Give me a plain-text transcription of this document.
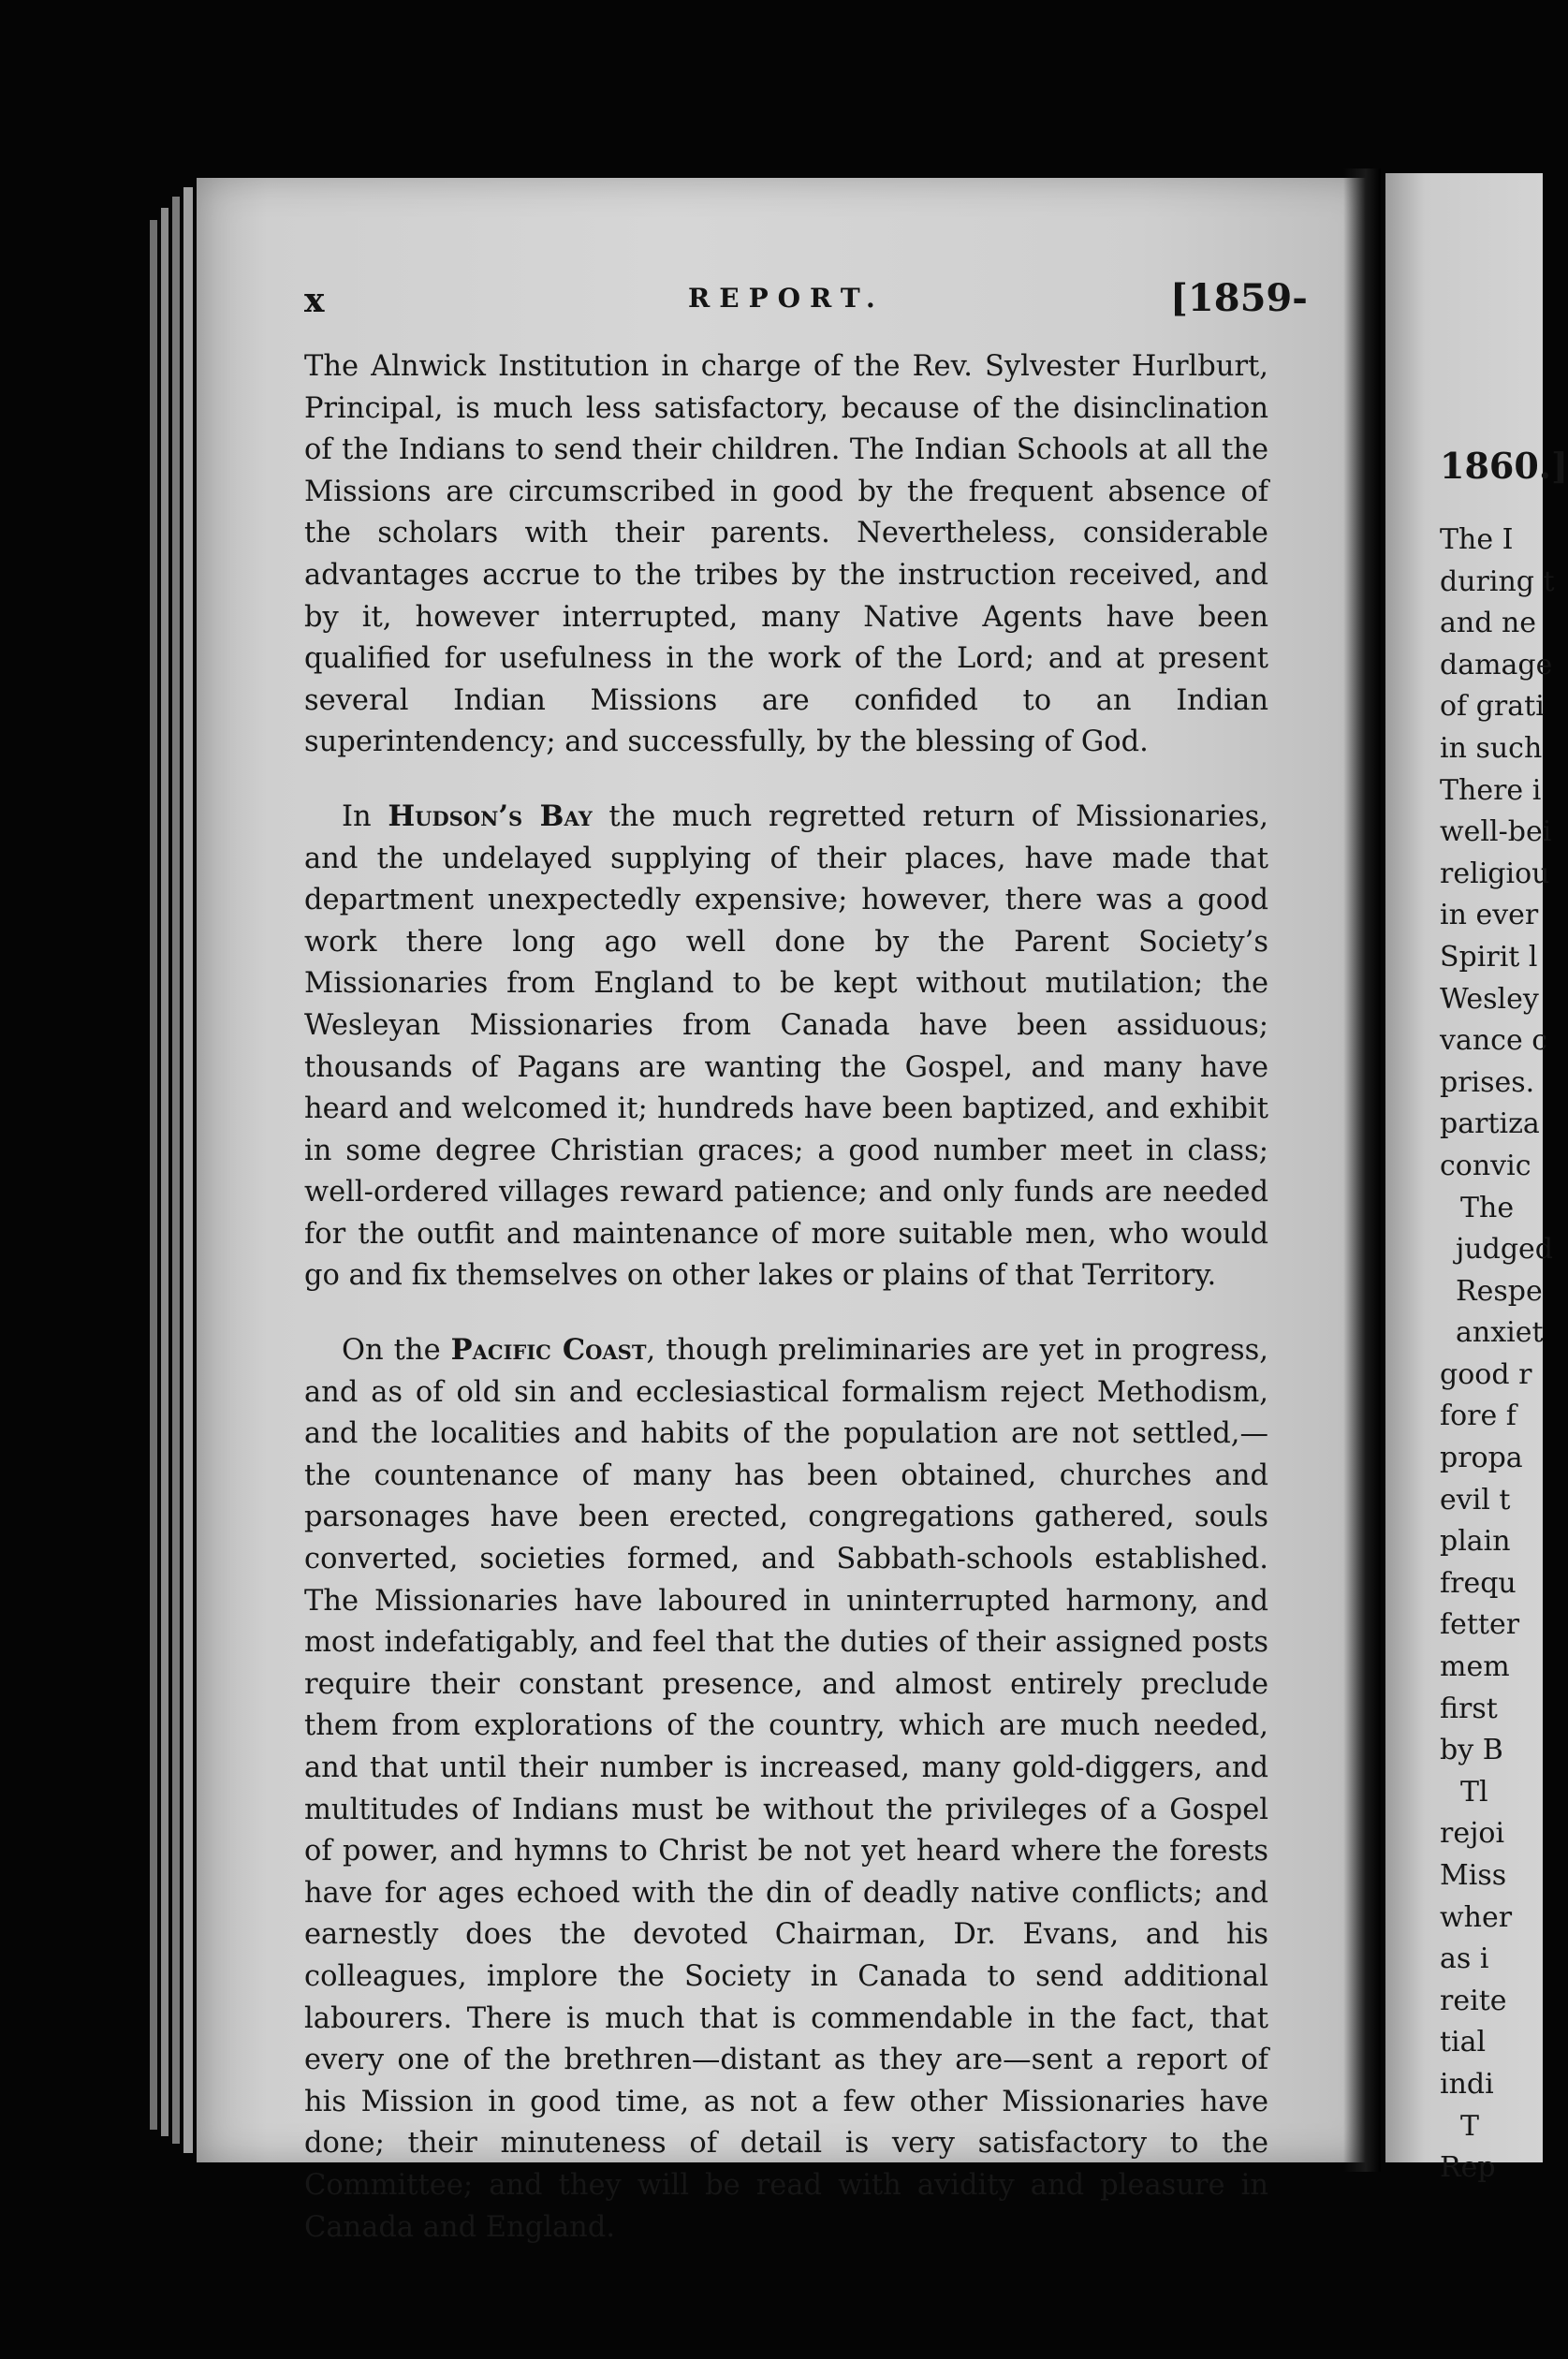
x	REPORT.	[1859-

The Alnwick Institution in charge of the Rev. Sylvester Hurlburt, Principal, is much less satisfactory, because of the disinclination of the Indians to send their children. The Indian Schools at all the Missions are circumscribed in good by the frequent absence of the scholars with their parents. Nevertheless, considerable advantages accrue to the tribes by the instruction received, and by it, however interrupted, many Native Agents have been qualified for usefulness in the work of the Lord; and at present several Indian Missions are confided to an Indian superintendency; and successfully, by the blessing of God.

In Hudson’s Bay the much regretted return of Missionaries, and the undelayed supplying of their places, have made that department unexpectedly expensive; however, there was a good work there long ago well done by the Parent Society’s Missionaries from England to be kept without mutilation; the Wesleyan Missionaries from Canada have been assiduous; thousands of Pagans are wanting the Gospel, and many have heard and welcomed it; hundreds have been baptized, and exhibit in some degree Christian graces; a good number meet in class; well-ordered villages reward patience; and only funds are needed for the outfit and maintenance of more suitable men, who would go and fix themselves on other lakes or plains of that Territory.

On the Pacific Coast, though preliminaries are yet in progress, and as of old sin and ecclesiastical formalism reject Methodism, and the localities and habits of the population are not settled,—the countenance of many has been obtained, churches and parsonages have been erected, congregations gathered, souls converted, societies formed, and Sabbath-schools established. The Missionaries have laboured in uninterrupted harmony, and most indefatigably, and feel that the duties of their assigned posts require their constant presence, and almost entirely preclude them from explorations of the country, which are much needed, and that until their number is increased, many gold-diggers, and multitudes of Indians must be without the privileges of a Gospel of power, and hymns to Christ be not yet heard where the forests have for ages echoed with the din of deadly native conflicts; and earnestly does the devoted Chairman, Dr. Evans, and his colleagues, implore the Society in Canada to send additional labourers. There is much that is commendable in the fact, that every one of the brethren—distant as they are—sent a report of his Mission in good time, as not a few other Missionaries have done; their minuteness of detail is very satisfactory to the Committee; and they will be read with avidity and pleasure in Canada and England.

1860.]
The I
during t
and ne
damage
of grati
in such
There i
well-bei
religiou
in ever
Spirit l
Wesley
vance c
prises.
partiza
convic
The
judged
Respe
anxiet
good r
fore f
propa
evil t
plain
frequ
fetter
mem
first
by B
Tl
rejoi
Miss
wher
as i
reite
tial
indi
T
Rep
